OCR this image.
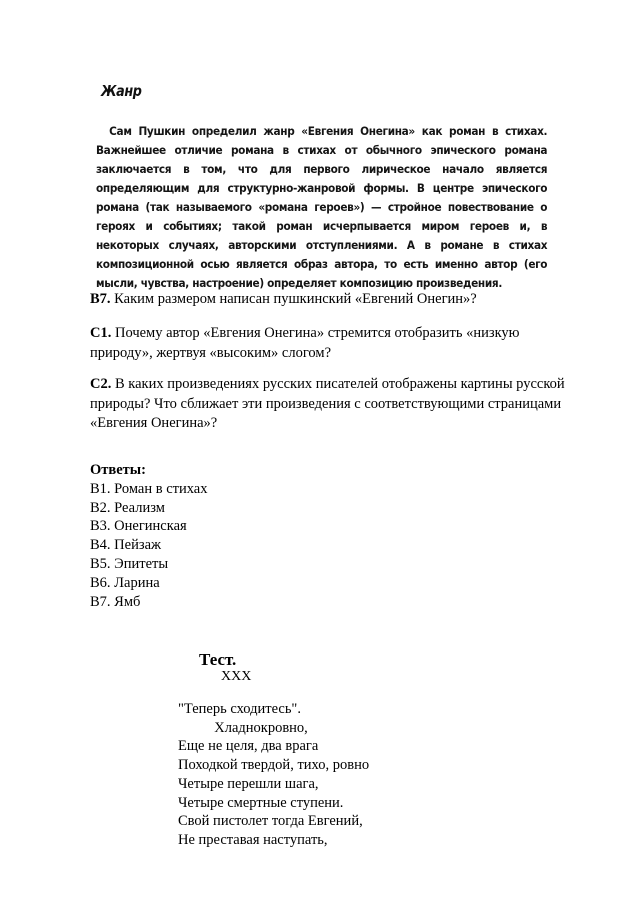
Жанр
Сам Пушкин определил жанр «Евгения Онегина» как роман в стихах. Важнейшее отличие романа в стихах от обычного эпического романа заключается в том, что для первого лирическое начало является определяющим для структурно-жанровой формы. В центре эпического романа (так называемого «романа героев») — стройное повествование о героях и событиях; такой роман исчерпывается миром героев и, в некоторых случаях, авторскими отступлениями. А в романе в стихах композиционной осью является образ автора, то есть именно автор (его мысли, чувства, настроение) определяет композицию произведения.
В7. Каким размером написан пушкинский «Евгений Онегин»?
С1. Почему автор «Евгения Онегина» стремится отобразить «низкую природу», жертвуя «высоким» слогом?
С2. В каких произведениях русских писателей отображены картины русской природы? Что сближает эти произведения с соответствующими страницами «Евгения Онегина»?
Ответы:
В1. Роман в стихах
В2. Реализм
В3. Онегинская
В4. Пейзаж
В5. Эпитеты
В6. Ларина
В7. Ямб
Тест.
XXX
"Теперь сходитесь".
Хладнокровно,
Еще не целя, два врага
Походкой твердой, тихо, ровно
Четыре перешли шага,
Четыре смертные ступени.
Свой пистолет тогда Евгений,
Не преставая наступать,
